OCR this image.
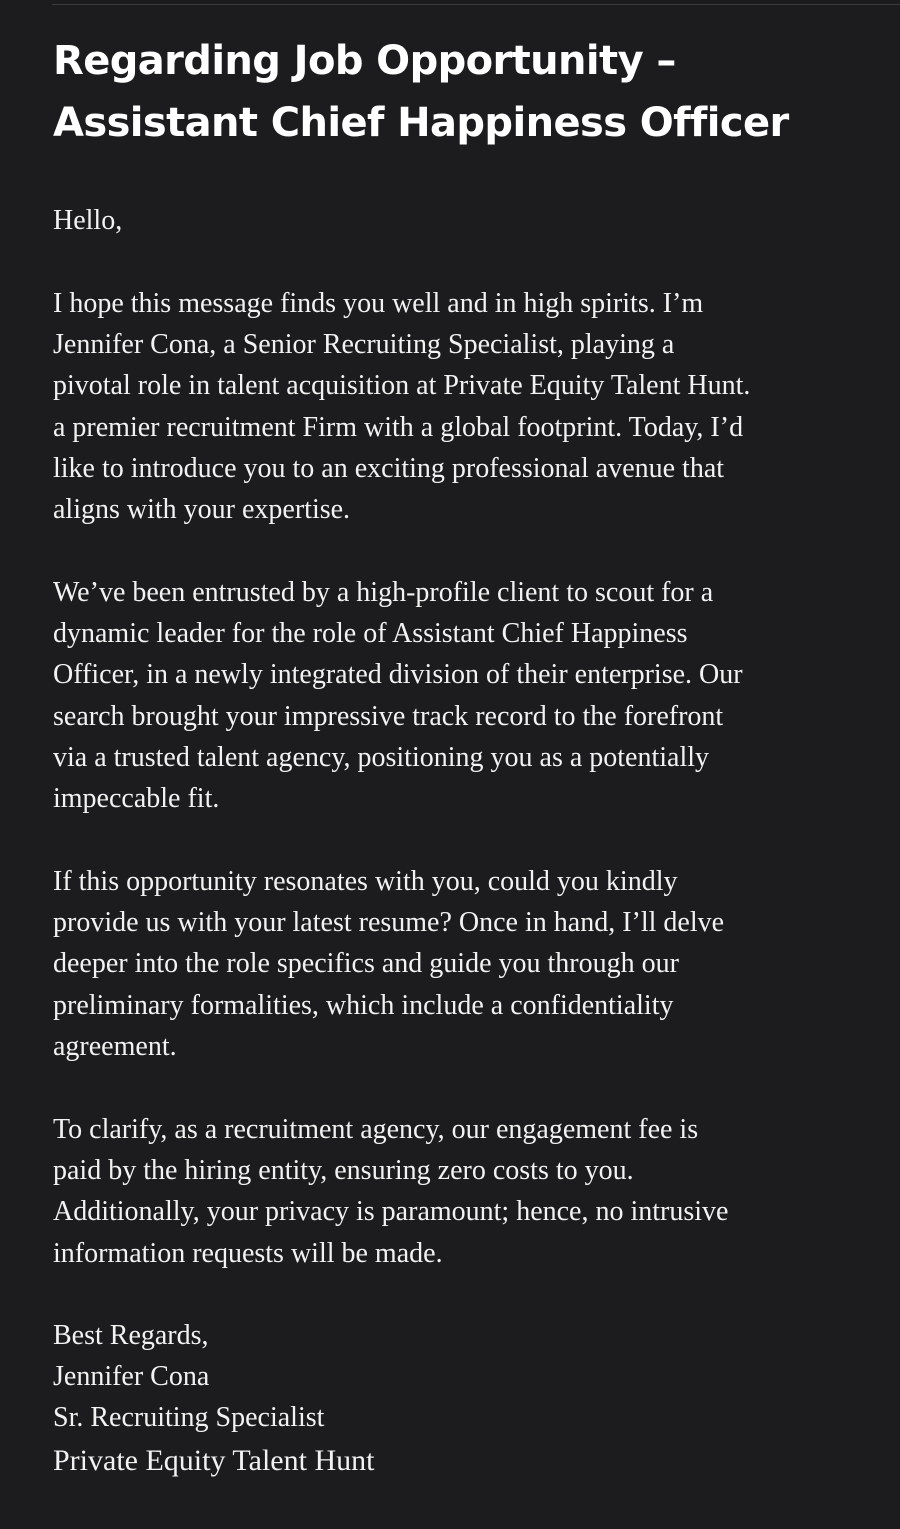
Regarding Job Opportunity –
Assistant Chief Happiness Officer

Hello,

I hope this message finds you well and in high spirits. I’m
Jennifer Cona, a Senior Recruiting Specialist, playing a
pivotal role in talent acquisition at Private Equity Talent Hunt.
a premier recruitment Firm with a global footprint. Today, I’d
like to introduce you to an exciting professional avenue that
aligns with your expertise.

We’ve been entrusted by a high-profile client to scout for a
dynamic leader for the role of Assistant Chief Happiness
Officer, in a newly integrated division of their enterprise. Our
search brought your impressive track record to the forefront
via a trusted talent agency, positioning you as a potentially
impeccable fit.

If this opportunity resonates with you, could you kindly
provide us with your latest resume? Once in hand, I’ll delve
deeper into the role specifics and guide you through our
preliminary formalities, which include a confidentiality
agreement.

To clarify, as a recruitment agency, our engagement fee is
paid by the hiring entity, ensuring zero costs to you.
Additionally, your privacy is paramount; hence, no intrusive
information requests will be made.

Best Regards,
Jennifer Cona
Sr. Recruiting Specialist
Private Equity Talent Hunt
